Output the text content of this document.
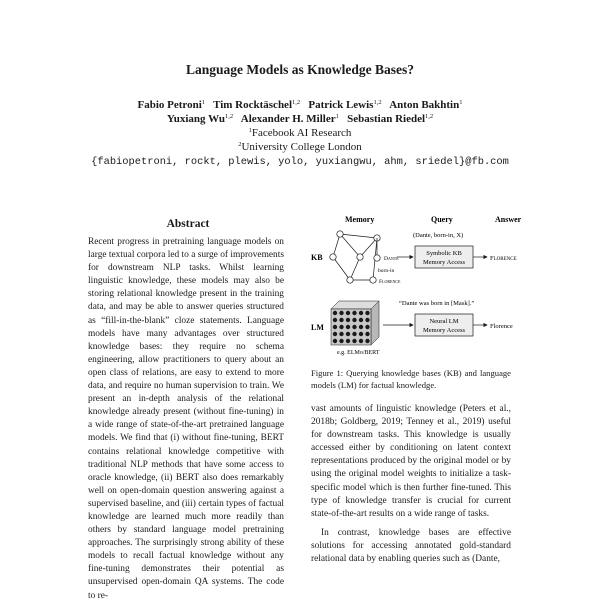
Language Models as Knowledge Bases?
Fabio Petroni$^1$ Tim Rocktäschel$^{1,2}$ Patrick Lewis$^{1,2}$ Anton Bakhtin$^1$
Yuxiang Wu$^{1,2}$ Alexander H. Miller$^1$ Sebastian Riedel$^{1,2}$
$^1$Facebook AI Research
$^2$University College London
{fabiopetroni, rockt, plewis, yolo, yuxiangwu, ahm, sriedel}@fb.com
Abstract
Recent progress in pretraining language models on large textual corpora led to a surge of improvements for downstream NLP tasks. Whilst learning linguistic knowledge, these models may also be storing relational knowledge present in the training data, and may be able to answer queries structured as “fill-in-the-blank” cloze statements. Language models have many advantages over structured knowledge bases: they require no schema engineering, allow practitioners to query about an open class of relations, are easy to extend to more data, and require no human supervision to train. We present an in-depth analysis of the relational knowledge already present (without fine-tuning) in a wide range of state-of-the-art pretrained language models. We find that (i) without fine-tuning, BERT contains relational knowledge competitive with traditional NLP methods that have some access to oracle knowledge, (ii) BERT also does remarkably well on open-domain question answering against a supervised baseline, and (iii) certain types of factual knowledge are learned much more readily than others by standard language model pretraining approaches. The surprisingly strong ability of these models to recall factual knowledge without any fine-tuning demonstrates their potential as unsupervised open-domain QA systems. The code to re-
Memory	Query	Answer
KB	Dante
born-in
Florence
(Dante, born-in, X)
Symbolic KB
Memory Access
Florence
LM
e.g. ELMo/BERT
“Dante was born in [Mask].”
Neural LM
Memory Access
Florence
Figure 1: Querying knowledge bases (KB) and language models (LM) for factual knowledge.

vast amounts of linguistic knowledge (Peters et al., 2018b; Goldberg, 2019; Tenney et al., 2019) useful for downstream tasks. This knowledge is usually accessed either by conditioning on latent context representations produced by the original model or by using the original model weights to initialize a task-specific model which is then further fine-tuned. This type of knowledge transfer is crucial for current state-of-the-art results on a wide range of tasks.

In contrast, knowledge bases are effective solutions for accessing annotated gold-standard relational data by enabling queries such as (Dante,
